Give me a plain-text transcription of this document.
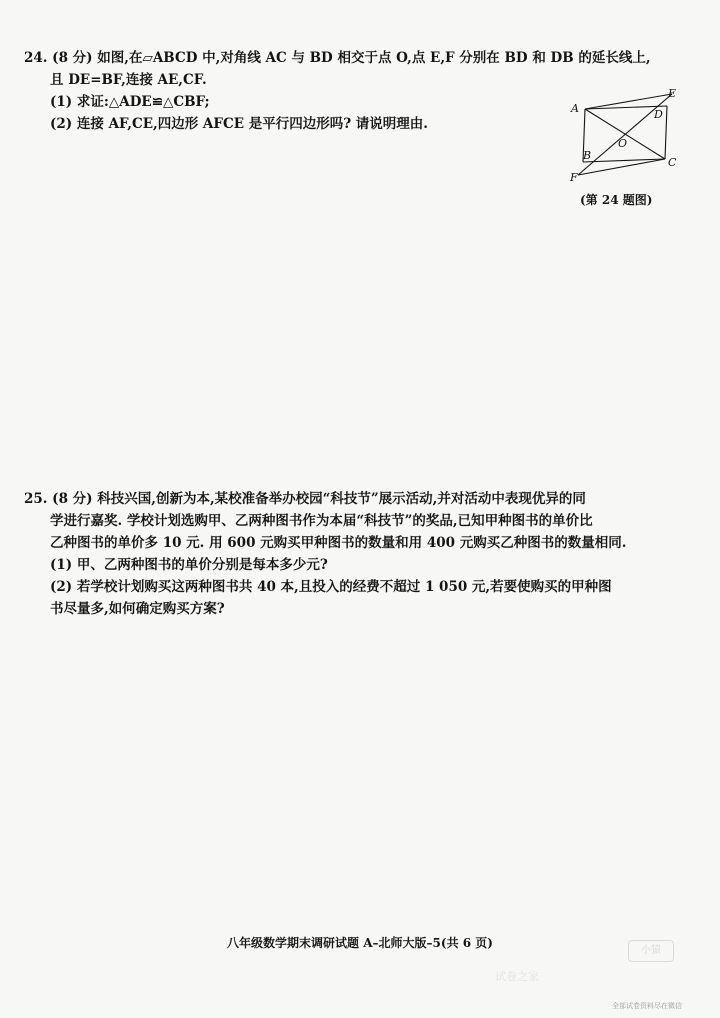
24. (8 分) 如图,在▱ABCD 中,对角线 AC 与 BD 相交于点 O,点 E,F 分别在 BD 和 DB 的延长线上,
且 DE=BF,连接 AE,CF.
(1) 求证:△ADE≌△CBF;
(2) 连接 AF,CE,四边形 AFCE 是平行四边形吗? 请说明理由.
A
B
C
D
E
F
O
(第 24 题图)
25. (8 分) 科技兴国,创新为本,某校准备举办校园“科技节”展示活动,并对活动中表现优异的同
学进行嘉奖. 学校计划选购甲、乙两种图书作为本届“科技节”的奖品,已知甲种图书的单价比
乙种图书的单价多 10 元. 用 600 元购买甲种图书的数量和用 400 元购买乙种图书的数量相同.
(1) 甲、乙两种图书的单价分别是每本多少元?
(2) 若学校计划购买这两种图书共 40 本,且投入的经费不超过 1 050 元,若要使购买的甲种图
书尽量多,如何确定购买方案?
八年级数学期末调研试题 A–北师大版–5(共 6 页)
小猿
试卷之家
全部试卷资料尽在微信
